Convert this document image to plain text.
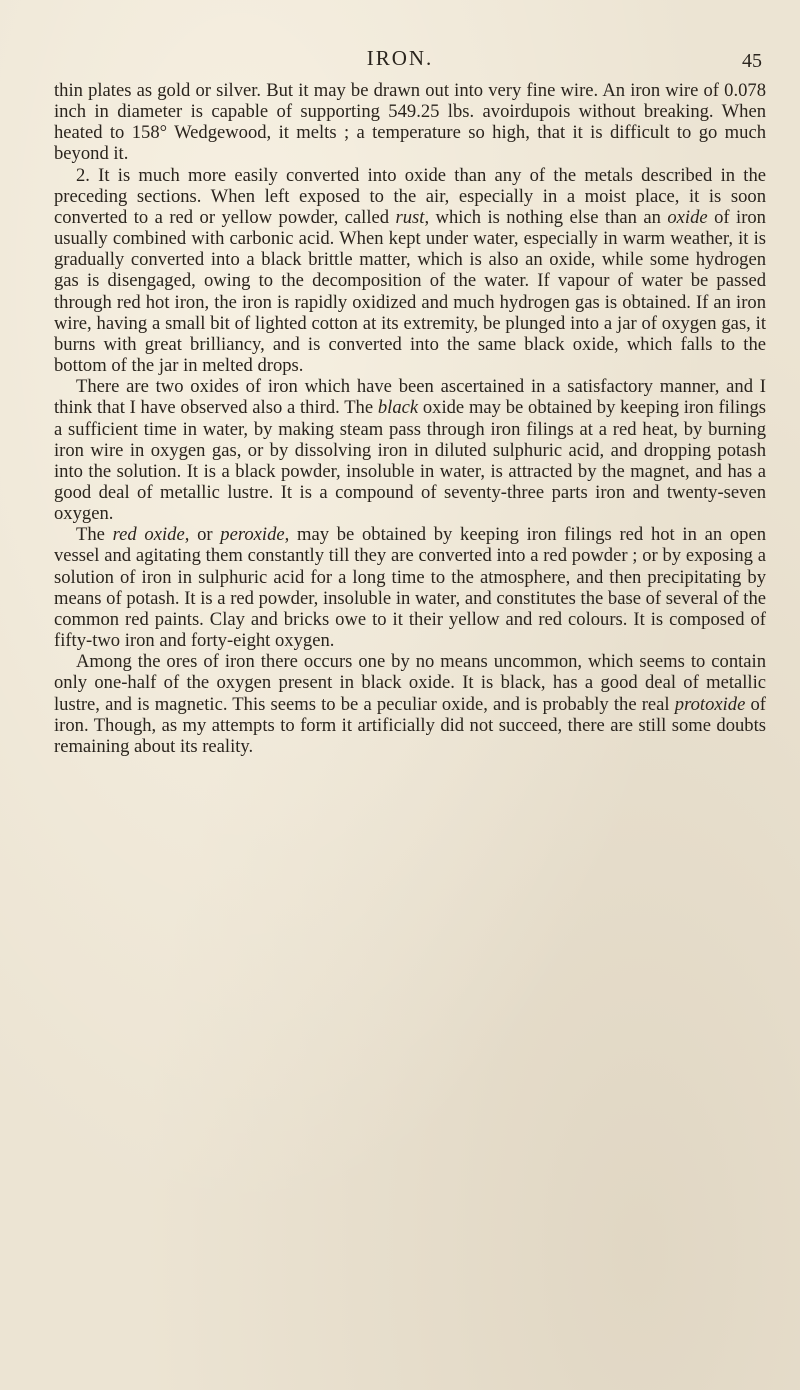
IRON.	45

thin plates as gold or silver. But it may be drawn out into very fine wire. An iron wire of 0.078 inch in diameter is capable of supporting 549.25 lbs. avoirdupois without breaking. When heated to 158° Wedgewood, it melts ; a temperature so high, that it is difficult to go much beyond it.

2. It is much more easily converted into oxide than any of the metals described in the preceding sections. When left exposed to the air, especially in a moist place, it is soon converted to a red or yellow powder, called rust, which is nothing else than an oxide of iron usually combined with carbonic acid. When kept under water, especially in warm weather, it is gradually converted into a black brittle matter, which is also an oxide, while some hydrogen gas is disengaged, owing to the decomposition of the water. If vapour of water be passed through red hot iron, the iron is rapidly oxidized and much hydrogen gas is obtained. If an iron wire, having a small bit of lighted cotton at its extremity, be plunged into a jar of oxygen gas, it burns with great brilliancy, and is converted into the same black oxide, which falls to the bottom of the jar in melted drops.

There are two oxides of iron which have been ascertained in a satisfactory manner, and I think that I have observed also a third. The black oxide may be obtained by keeping iron filings a sufficient time in water, by making steam pass through iron filings at a red heat, by burning iron wire in oxygen gas, or by dissolving iron in diluted sulphuric acid, and dropping potash into the solution. It is a black powder, insoluble in water, is attracted by the magnet, and has a good deal of metallic lustre. It is a compound of seventy-three parts iron and twenty-seven oxygen.

The red oxide, or peroxide, may be obtained by keeping iron filings red hot in an open vessel and agitating them constantly till they are converted into a red powder ; or by exposing a solution of iron in sulphuric acid for a long time to the atmosphere, and then precipitating by means of potash. It is a red powder, insoluble in water, and constitutes the base of several of the common red paints. Clay and bricks owe to it their yellow and red colours. It is composed of fifty-two iron and forty-eight oxygen.

Among the ores of iron there occurs one by no means uncommon, which seems to contain only one-half of the oxygen present in black oxide. It is black, has a good deal of metallic lustre, and is magnetic. This seems to be a peculiar oxide, and is probably the real protoxide of iron. Though, as my attempts to form it artificially did not succeed, there are still some doubts remaining about its reality.
